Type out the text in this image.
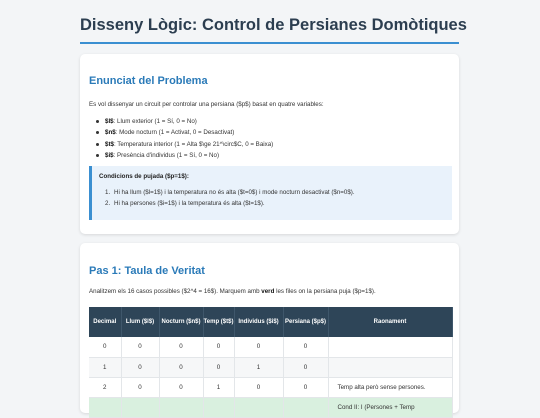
Disseny Lògic: Control de Persianes Domòtiques
Enunciat del Problema
Es vol dissenyar un circuit per controlar una persiana ($p$) basat en quatre variables:
$l$: Llum exterior (1 = Sí, 0 = No)
$n$: Mode nocturn (1 = Activat, 0 = Desactivat)
$t$: Temperatura interior (1 = Alta $\ge 21^\circ$C, 0 = Baixa)
$i$: Presència d'individus (1 = Sí, 0 = No)
Condicions de pujada ($p=1$):
1. Hi ha llum ($l=1$) i la temperatura no és alta ($t=0$) i mode nocturn desactivat ($n=0$).
2. Hi ha persones ($i=1$) i la temperatura és alta ($t=1$).
Pas 1: Taula de Veritat
Analitzem els 16 casos possibles ($2^4 = 16$). Marquem amb verd les files on la persiana puja ($p=1$).
Decimal	Llum ($l$)	Nocturn ($n$)	Temp ($t$)	Individus ($i$)	Persiana ($p$)	Raonament
0	0	0	0	0	0	
1	0	0	0	1	0	
2	0	0	1	0	0	Temp alta però sense persones.
						Cond II: I (Persones + Temp
